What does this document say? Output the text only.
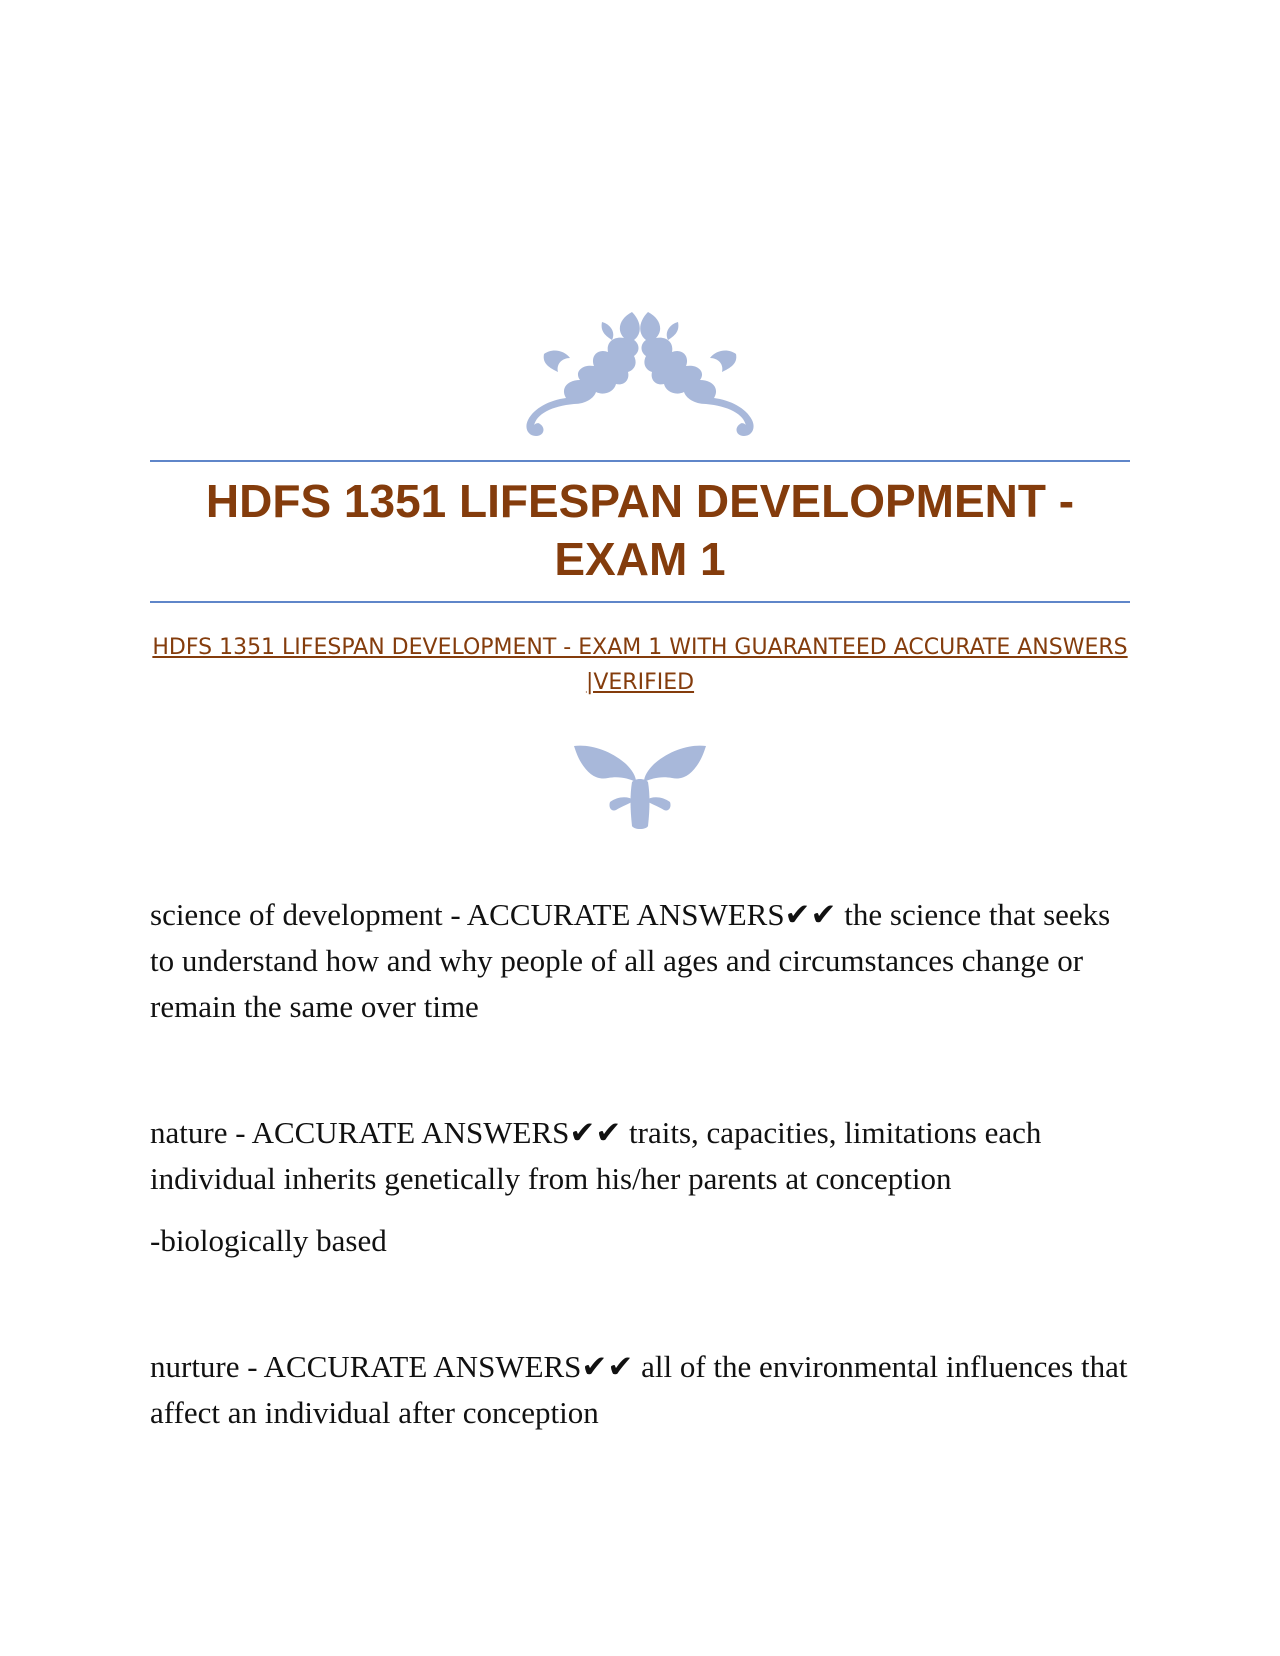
HDFS 1351 LIFESPAN DEVELOPMENT - EXAM 1

HDFS 1351 LIFESPAN DEVELOPMENT - EXAM 1 WITH GUARANTEED ACCURATE ANSWERS |VERIFIED

science of development - ACCURATE ANSWERS✔✔ the science that seeks to understand how and why people of all ages and circumstances change or remain the same over time

nature - ACCURATE ANSWERS✔✔ traits, capacities, limitations each individual inherits genetically from his/her parents at conception

-biologically based

nurture - ACCURATE ANSWERS✔✔ all of the environmental influences that affect an individual after conception
